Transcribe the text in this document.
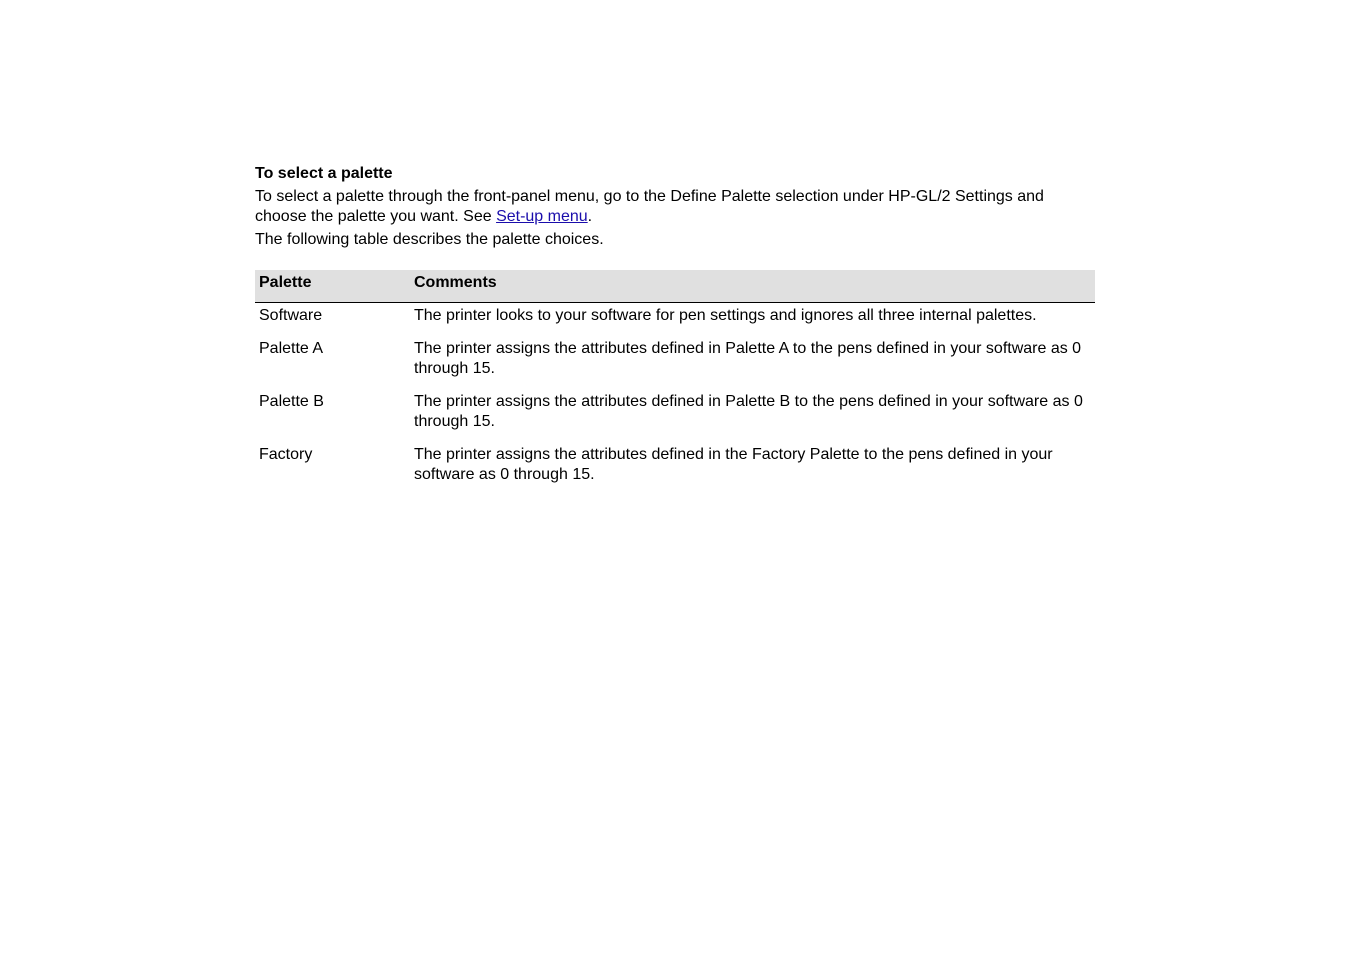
To select a palette

To select a palette through the front-panel menu, go to the Define Palette selection under HP-GL/2 Settings and choose the palette you want. See Set-up menu.

The following table describes the palette choices.

Palette	Comments
Software	The printer looks to your software for pen settings and ignores all three internal palettes.
Palette A	The printer assigns the attributes defined in Palette A to the pens defined in your software as 0 through 15.
Palette B	The printer assigns the attributes defined in Palette B to the pens defined in your software as 0 through 15.
Factory	The printer assigns the attributes defined in the Factory Palette to the pens defined in your software as 0 through 15.
